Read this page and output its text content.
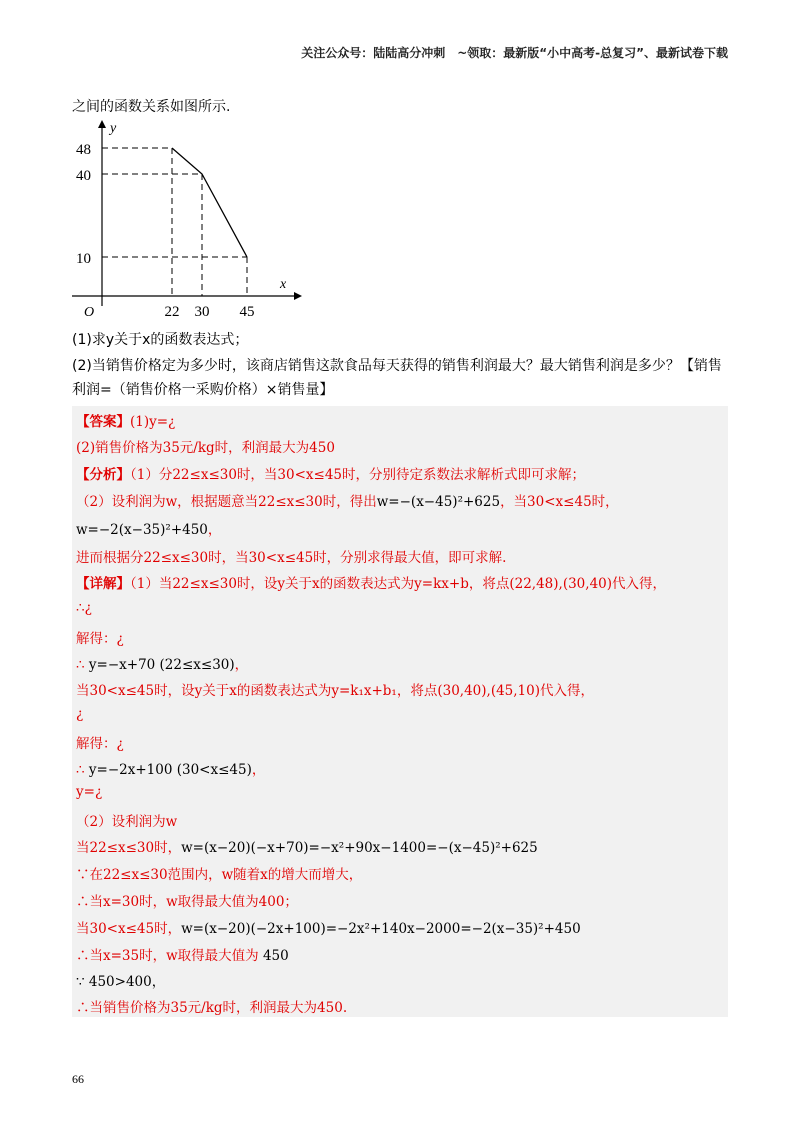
关注公众号：陆陆高分冲刺　~领取：最新版“小中高考-总复习”、最新试卷下载
之间的函数关系如图所示.
y
x
O
48
40
10
22 30 45
(1)求y关于x的函数表达式；
(2)当销售价格定为多少时，该商店销售这款食品每天获得的销售利润最大？最大销售利润是多少？【销售
利润=（销售价格一采购价格）×销售量】
【答案】(1)y=¿
(2)销售价格为35元/kg时，利润最大为450
【分析】（1）分22≤x≤30时，当30<x≤45时，分别待定系数法求解析式即可求解；
（2）设利润为w，根据题意当22≤x≤30时，得出w=−(x−45)²+625，当30<x≤45时，
w=−2(x−35)²+450，
进而根据分22≤x≤30时，当30<x≤45时，分别求得最大值，即可求解.
【详解】（1）当22≤x≤30时，设y关于x的函数表达式为y=kx+b，将点(22,48),(30,40)代入得，
∴¿
解得：¿
∴ y=−x+70 (22≤x≤30)，
当30<x≤45时，设y关于x的函数表达式为y=k₁x+b₁，将点(30,40),(45,10)代入得，
¿
解得：¿
∴ y=−2x+100 (30<x≤45)，
y=¿
（2）设利润为w
当22≤x≤30时，w=(x−20)(−x+70)=−x²+90x−1400=−(x−45)²+625
∵在22≤x≤30范围内，w随着x的增大而增大，
∴当x=30时，w取得最大值为400；
当30<x≤45时，w=(x−20)(−2x+100)=−2x²+140x−2000=−2(x−35)²+450
∴当x=35时，w取得最大值为 450
∵ 450>400，
∴当销售价格为35元/kg时，利润最大为450.
66
